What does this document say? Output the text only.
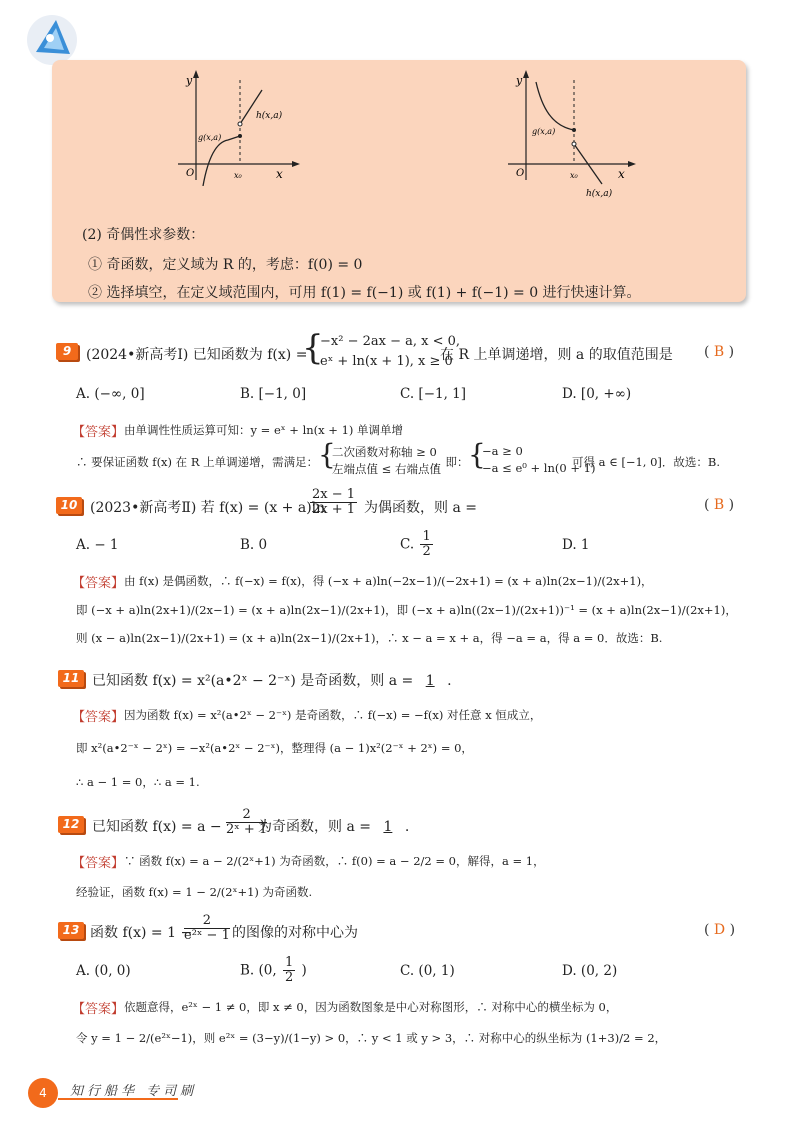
y
x
O	x₀
g(x,a)
h(x,a)
y
x
O	x₀
g(x,a)
h(x,a)
(2) 奇偶性求参数：
① 奇函数，定义域为 R 的，考虑：f(0) = 0
② 选择填空，在定义域范围内，可用 f(1) = f(−1) 或 f(1) + f(−1) = 0 进行快速计算。
9	(2024•新高考Ⅰ) 已知函数为 f(x) =
{
−x² − 2ax − a, x < 0,
eˣ + ln(x + 1), x ≥ 0
在 R 上单调递增，则 a 的取值范围是 ( B )
A. (−∞, 0]	B. [−1, 0]	C. [−1, 1]	D. [0, +∞)
【答案】 由单调性性质运算可知：y = eˣ + ln(x + 1) 单调单增
∴ 要保证函数 f(x) 在 R 上单调递增，需满足： {
二次函数对称轴 ≥ 0
左端点值 ≤ 右端点值
，即： {
−a ≥ 0
−a ≤ e⁰ + ln(0 + 1)
可得 a ∈ [−1, 0]．故选：B.
10 (2023•新高考Ⅱ) 若 f(x) = (x + a)ln
$\frac{2x - 1}{2x + 1}$ 为偶函数，则 a =	( B )
A. − 1	B. 0	C. $\frac{1}{2}$	D. 1
【答案】 由 f(x) 是偶函数，∴ f(−x) = f(x)，得 (−x + a)ln(−2x−1)/(−2x+1) = (x + a)ln(2x−1)/(2x+1)，
即 (−x + a)ln(2x+1)/(2x−1) = (x + a)ln(2x−1)/(2x+1)，即 (−x + a)ln((2x−1)/(2x+1))⁻¹ = (x + a)ln(2x−1)/(2x+1)，
则 (x − a)ln(2x−1)/(2x+1) = (x + a)ln(2x−1)/(2x+1)，∴ x − a = x + a，得 −a = a，得 a = 0．故选：B.
11 已知函数 f(x) = x²(a•2ˣ − 2⁻ˣ) 是奇函数，则 a = 1 .
【答案】 因为函数 f(x) = x²(a•2ˣ − 2⁻ˣ) 是奇函数，∴ f(−x) = −f(x) 对任意 x 恒成立，
即 x²(a•2⁻ˣ − 2ˣ) = −x²(a•2ˣ − 2⁻ˣ)，整理得 (a − 1)x²(2⁻ˣ + 2ˣ) = 0，
∴ a − 1 = 0，∴ a = 1.
12 已知函数 $f(x) = a - \frac{2}{\text{2ˣ + 1}}$
为奇函数，则 a = 1 .
【答案】 ∵ 函数 f(x) = a − 2/(2ˣ+1) 为奇函数，∴ f(0) = a − 2/2 = 0，解得，a = 1，
经验证，函数 f(x) = 1 − 2/(2ˣ+1) 为奇函数.
13 函数 f(x) = 1 −
$\frac{2}{\text{e²ˣ − 1}}$ 的图像的对称中心为	( D )
A. (0, 0)	B. (0, $\frac{1}{2}$ )	C. (0, 1)	D. (0, 2)
【答案】 依题意得，e²ˣ − 1 ≠ 0，即 x ≠ 0，因为函数图象是中心对称图形，∴ 对称中心的横坐标为 0，
令 y = 1 − 2/(e²ˣ−1)，则 e²ˣ = (3−y)/(1−y) > 0，∴ y < 1 或 y > 3，∴ 对称中心的纵坐标为 (1+3)/2 = 2，
4	知行船华 专司刷
